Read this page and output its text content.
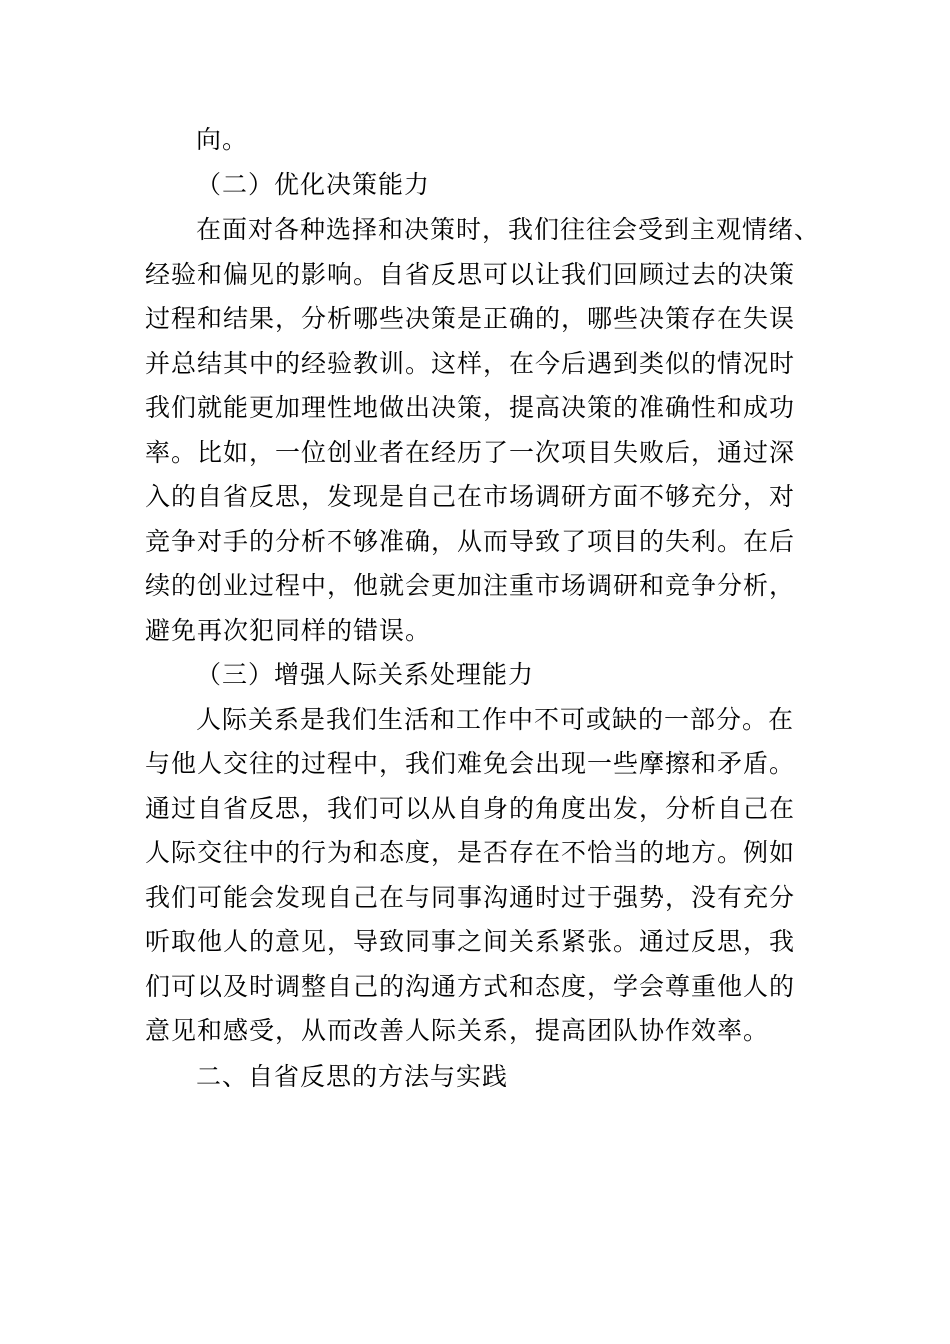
向。
（二）优化决策能力
在面对各种选择和决策时，我们往往会受到主观情绪、
经验和偏见的影响。自省反思可以让我们回顾过去的决策
过程和结果，分析哪些决策是正确的，哪些决策存在失误
并总结其中的经验教训。这样，在今后遇到类似的情况时
我们就能更加理性地做出决策，提高决策的准确性和成功
率。比如，一位创业者在经历了一次项目失败后，通过深
入的自省反思，发现是自己在市场调研方面不够充分，对
竞争对手的分析不够准确，从而导致了项目的失利。在后
续的创业过程中，他就会更加注重市场调研和竞争分析，
避免再次犯同样的错误。
（三）增强人际关系处理能力
人际关系是我们生活和工作中不可或缺的一部分。在
与他人交往的过程中，我们难免会出现一些摩擦和矛盾。
通过自省反思，我们可以从自身的角度出发，分析自己在
人际交往中的行为和态度，是否存在不恰当的地方。例如
我们可能会发现自己在与同事沟通时过于强势，没有充分
听取他人的意见，导致同事之间关系紧张。通过反思，我
们可以及时调整自己的沟通方式和态度，学会尊重他人的
意见和感受，从而改善人际关系，提高团队协作效率。
二、自省反思的方法与实践
